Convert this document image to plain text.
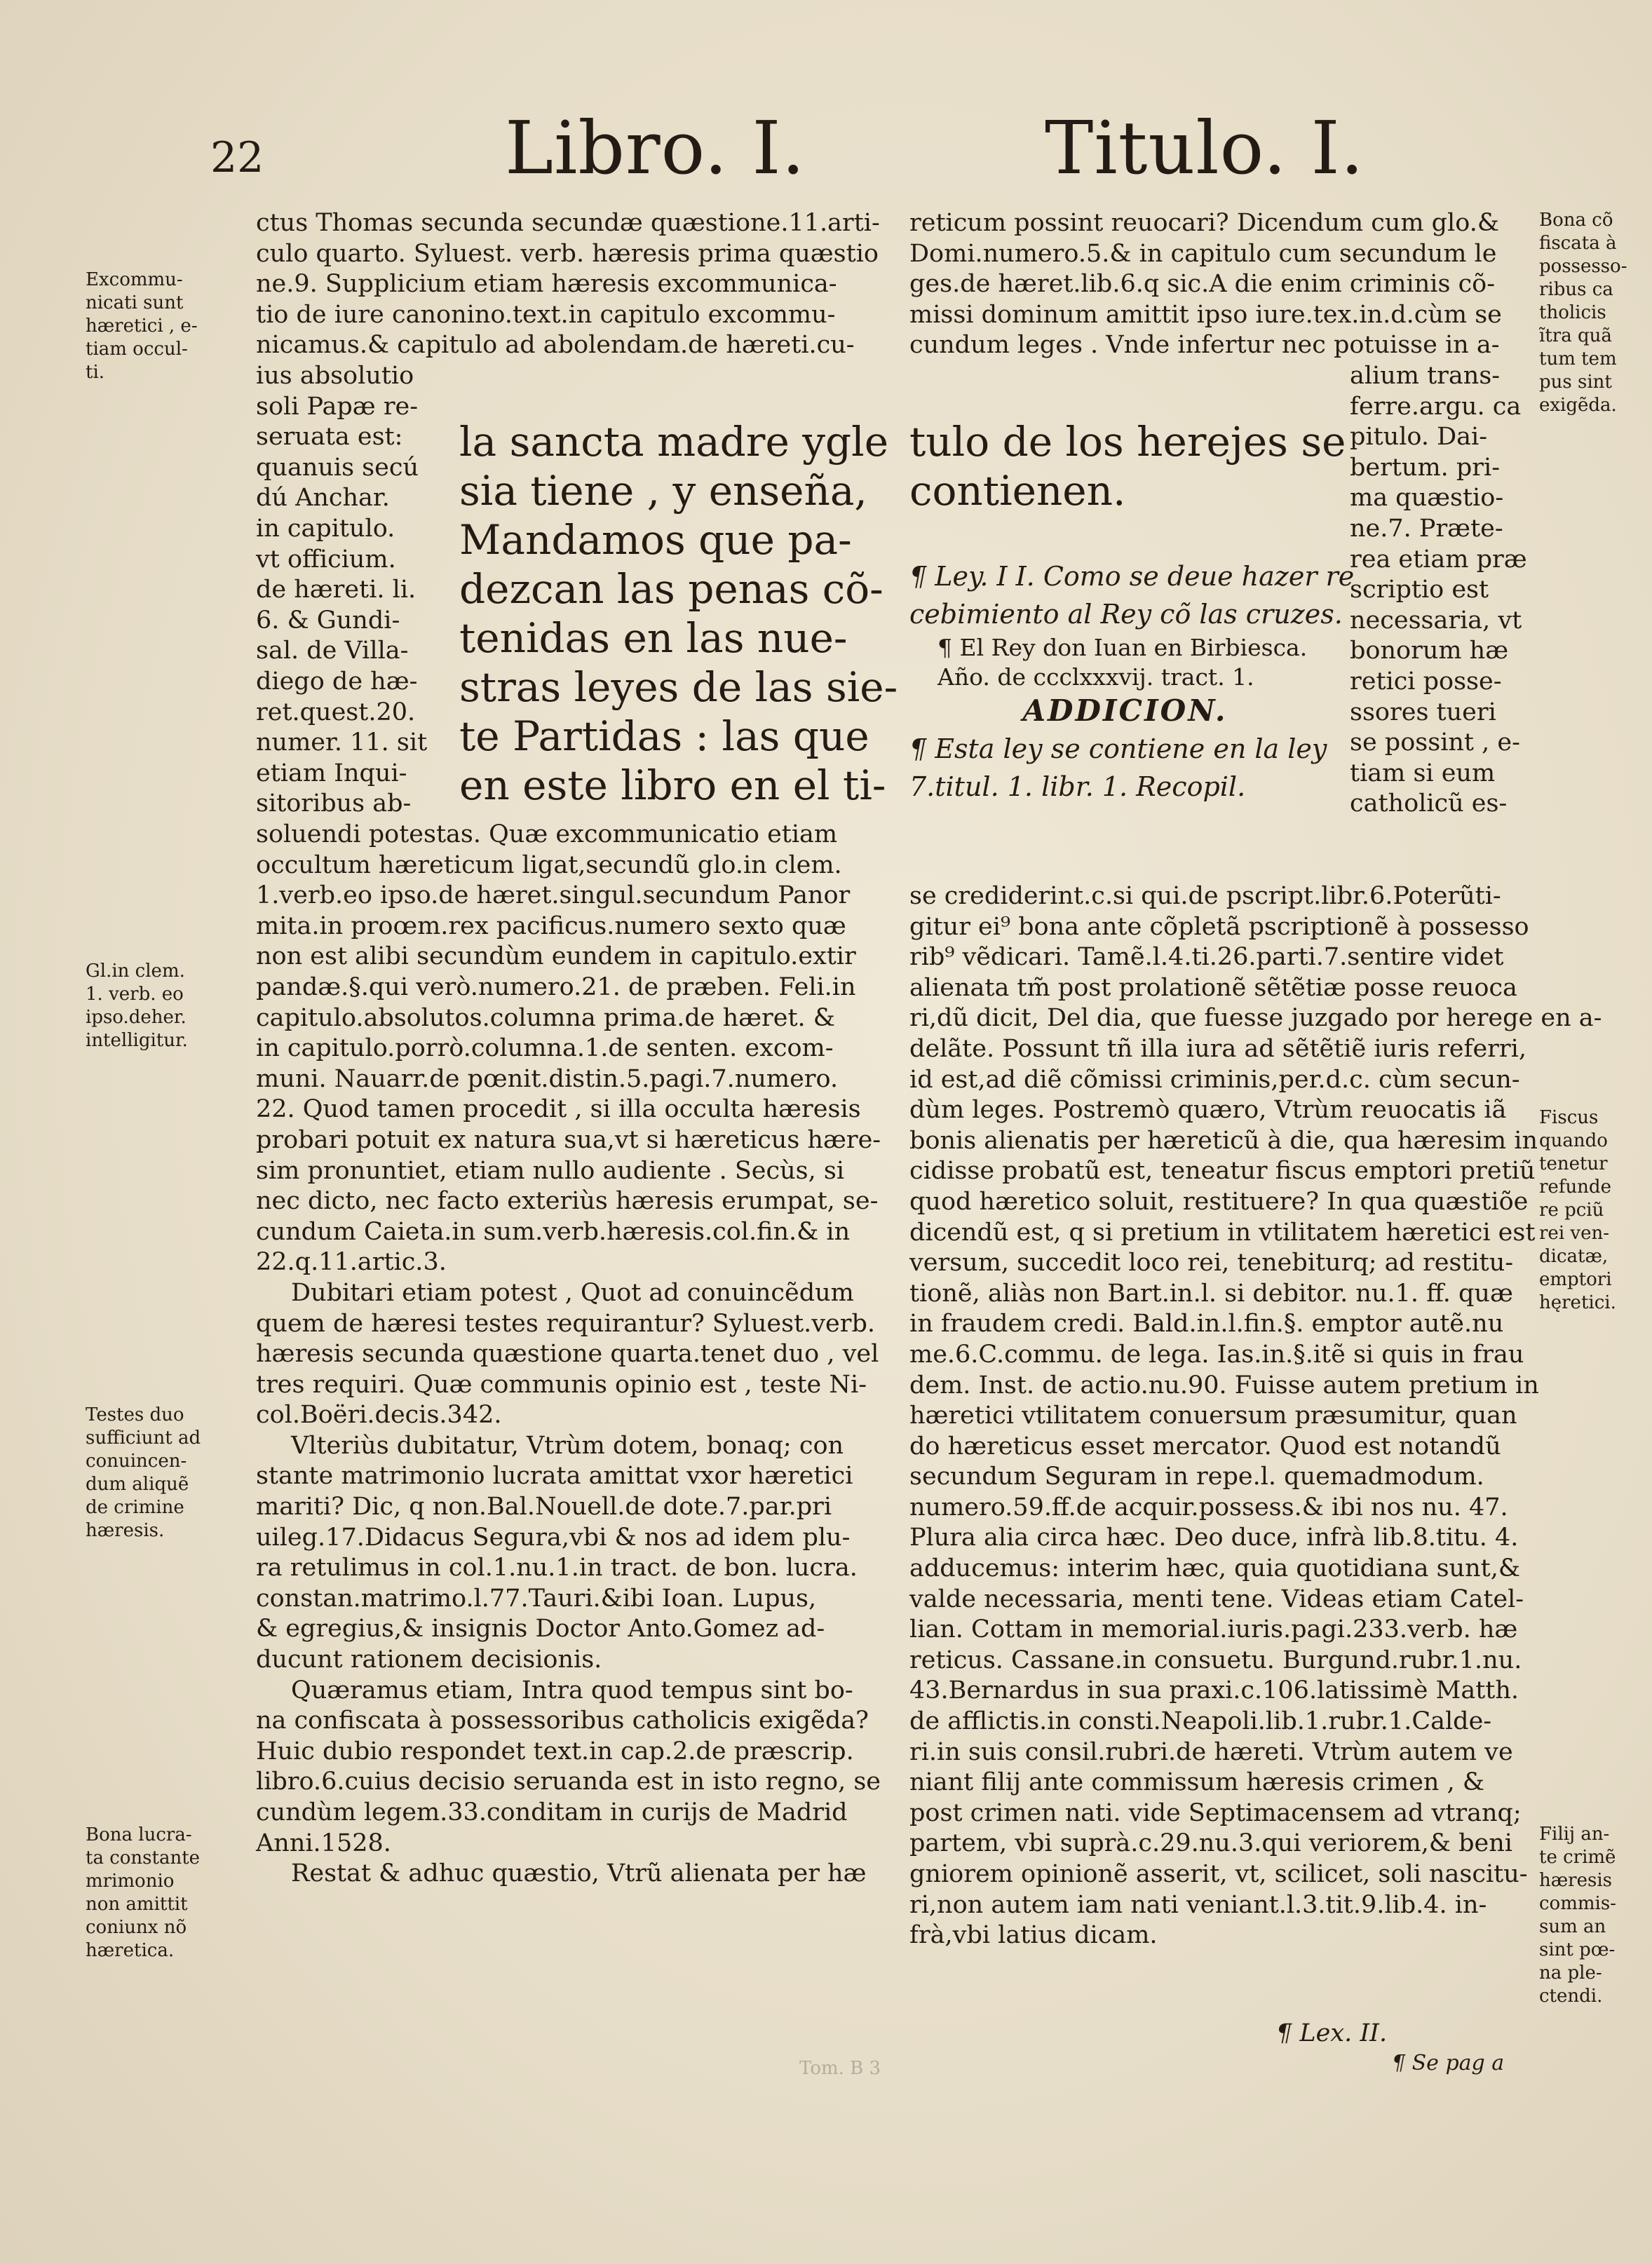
22	Libro. I.	Titulo. I.
ctus Thomas secunda secundæ quæstione.11.arti-
culo quarto. Syluest. verb. hæresis prima quæstio
ne.9. Supplicium etiam hæresis excommunica-
tio de iure canonino.text.in capitulo excommu-
nicamus.& capitulo ad abolendam.de hæreti.cu-
ius absolutio
soli Papæ re-
seruata est:
quanuis secú
dú Anchar.
in capitulo.
vt officium.
de hæreti. li.
6. & Gundi-
sal. de Villa-
diego de hæ-
ret.quest.20.
numer. 11. sit
etiam Inqui-
sitoribus ab-
la sancta madre ygle
sia tiene , y enseña,
Mandamos que pa-
dezcan las penas cõ-
tenidas en las nue-
stras leyes de las sie-
te Partidas : las que
en este libro en el ti-
soluendi potestas. Quæ excommunicatio etiam
occultum hæreticum ligat,secundũ glo.in clem.
1.verb.eo ipso.de hæret.singul.secundum Panor
mita.in proœm.rex pacificus.numero sexto quæ
non est alibi secundùm eundem in capitulo.extir
pandæ.§.qui verò.numero.21. de præben. Feli.in
capitulo.absolutos.columna prima.de hæret. &
in capitulo.porrò.columna.1.de senten. excom-
muni. Nauarr.de pœnit.distin.5.pagi.7.numero.
22. Quod tamen procedit , si illa occulta hæresis
probari potuit ex natura sua,vt si hæreticus hære-
sim pronuntiet, etiam nullo audiente . Secùs, si
nec dicto, nec facto exteriùs hæresis erumpat, se-
cundum Caieta.in sum.verb.hæresis.col.fin.& in
22.q.11.artic.3.
Dubitari etiam potest , Quot ad conuincẽdum
quem de hæresi testes requirantur? Syluest.verb.
hæresis secunda quæstione quarta.tenet duo , vel
tres requiri. Quæ communis opinio est , teste Ni-
col.Boëri.decis.342.
Vlteriùs dubitatur, Vtrùm dotem, bonaq; con
stante matrimonio lucrata amittat vxor hæretici
mariti? Dic, q non.Bal.Nouell.de dote.7.par.pri
uileg.17.Didacus Segura,vbi & nos ad idem plu-
ra retulimus in col.1.nu.1.in tract. de bon. lucra.
constan.matrimo.l.77.Tauri.&ibi Ioan. Lupus,
& egregius,& insignis Doctor Anto.Gomez ad-
ducunt rationem decisionis.
Quæramus etiam, Intra quod tempus sint bo-
na confiscata à possessoribus catholicis exigẽda?
Huic dubio respondet text.in cap.2.de præscrip.
libro.6.cuius decisio seruanda est in isto regno, se
cundùm legem.33.conditam in curijs de Madrid
Anni.1528.
Restat & adhuc quæstio, Vtrũ alienata per hæ
reticum possint reuocari? Dicendum cum glo.&
Domi.numero.5.& in capitulo cum secundum le
ges.de hæret.lib.6.q sic.A die enim criminis cõ-
missi dominum amittit ipso iure.tex.in.d.cùm se
cundum leges . Vnde infertur nec potuisse in a-
alium trans-
ferre.argu. ca
pitulo. Dai-
bertum. pri-
ma quæstio-
ne.7. Præte-
rea etiam præ
scriptio est
necessaria, vt
bonorum hæ
retici posse-
ssores tueri
se possint , e-
tiam si eum
catholicũ es-
tulo de los herejes se
contienen.
¶ Ley. I I. Como se deue hazer re
cebimiento al Rey cõ las cruzes.
¶ El Rey don Iuan en Birbiesca.
Año. de ccclxxxvij. tract. 1.
ADDICION.
¶ Esta ley se contiene en la ley
7.titul. 1. libr. 1. Recopil.
se crediderint.c.si qui.de pscript.libr.6.Poterũti-
gitur ei⁹ bona ante cõpletã pscriptionẽ à possesso
rib⁹ vẽdicari. Tamẽ.l.4.ti.26.parti.7.sentire videt
alienata tm̃ post prolationẽ sẽtẽtiæ posse reuoca
ri,dũ dicit, Del dia, que fuesse juzgado por herege en a-
delãte. Possunt tñ illa iura ad sẽtẽtiẽ iuris referri,
id est,ad diẽ cõmissi criminis,per.d.c. cùm secun-
dùm leges. Postremò quæro, Vtrùm reuocatis iã
bonis alienatis per hæreticũ à die, qua hæresim in
cidisse probatũ est, teneatur fiscus emptori pretiũ
quod hæretico soluit, restituere? In qua quæstiõe
dicendũ est, q si pretium in vtilitatem hæretici est
versum, succedit loco rei, tenebiturq; ad restitu-
tionẽ, aliàs non Bart.in.l. si debitor. nu.1. ff. quæ
in fraudem credi. Bald.in.l.fin.§. emptor autẽ.nu
me.6.C.commu. de lega. Ias.in.§.itẽ si quis in frau
dem. Inst. de actio.nu.90. Fuisse autem pretium in
hæretici vtilitatem conuersum præsumitur, quan
do hæreticus esset mercator. Quod est notandũ
secundum Seguram in repe.l. quemadmodum.
numero.59.ff.de acquir.possess.& ibi nos nu. 47.
Plura alia circa hæc. Deo duce, infrà lib.8.titu. 4.
adducemus: interim hæc, quia quotidiana sunt,&
valde necessaria, menti tene. Videas etiam Catel-
lian. Cottam in memorial.iuris.pagi.233.verb. hæ
reticus. Cassane.in consuetu. Burgund.rubr.1.nu.
43.Bernardus in sua praxi.c.106.latissimè Matth.
de afflictis.in consti.Neapoli.lib.1.rubr.1.Calde-
ri.in suis consil.rubri.de hæreti. Vtrùm autem ve
niant filij ante commissum hæresis crimen , &
post crimen nati. vide Septimacensem ad vtranq;
partem, vbi suprà.c.29.nu.3.qui veriorem,& beni
gniorem opinionẽ asserit, vt, scilicet, soli nascitu-
ri,non autem iam nati veniant.l.3.tit.9.lib.4. in-
frà,vbi latius dicam.
¶ Lex. II.
¶ Se pag a
Excommu-
nicati sunt
hæretici , e-
tiam occul-
ti.
Gl.in clem.
1. verb. eo
ipso.deher.
intelligitur.
Testes duo
sufficiunt ad
conuincen-
dum aliquẽ
de crimine
hæresis.
Bona lucra-
ta constante
mrimonio
non amittit
coniunx nõ
hæretica.
Bona cõ
fiscata à
possesso-
ribus ca
tholicis
ĩtra quã
tum tem
pus sint
exigẽda.
Fiscus
quando
tenetur
refunde
re pciũ
rei ven-
dicatæ,
emptori
hęretici.
Filij an-
te crimẽ
hæresis
commis-
sum an
sint pœ-
na ple-
ctendi.
Tom. B 3
